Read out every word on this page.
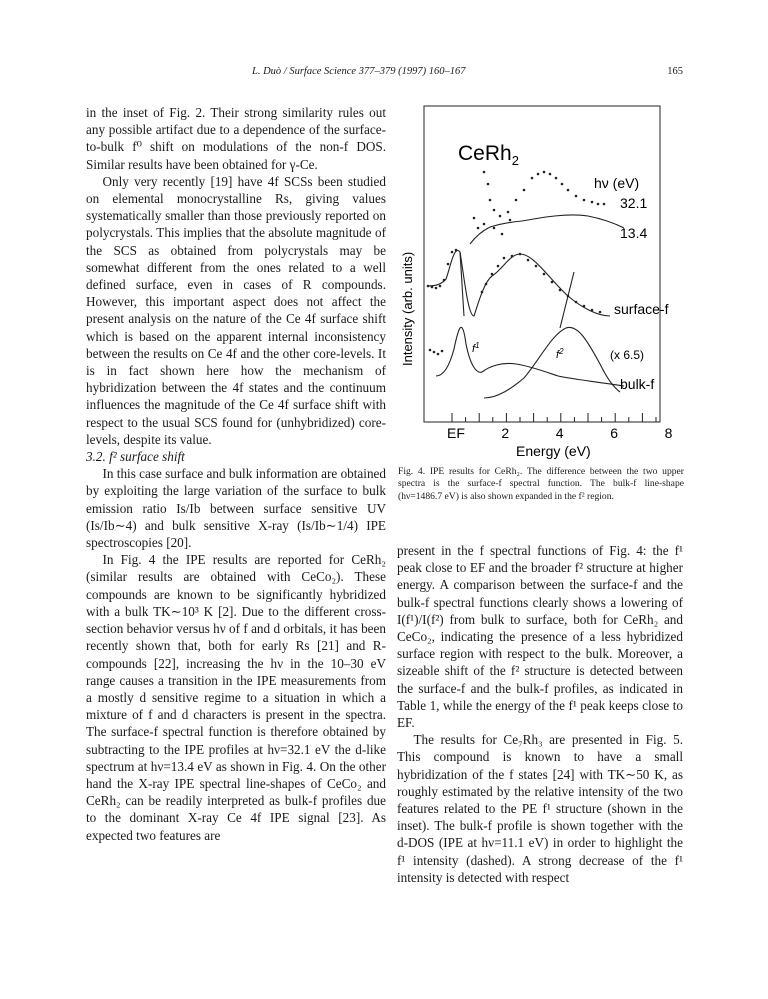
L. Duò / Surface Science 377–379 (1997) 160–167	165

in the inset of Fig. 2. Their strong similarity rules out any possible artifact due to a dependence of the surface-to-bulk f⁰ shift on modulations of the non-f DOS. Similar results have been obtained for γ-Ce.

Only very recently [19] have 4f SCSs been studied on elemental monocrystalline Rs, giving values systematically smaller than those previously reported on polycrystals. This implies that the absolute magnitude of the SCS as obtained from polycrystals may be somewhat different from the ones related to a well defined surface, even in cases of R compounds. However, this important aspect does not affect the present analysis on the nature of the Ce 4f surface shift which is based on the apparent internal inconsistency between the results on Ce 4f and the other core-levels. It is in fact shown here how the mechanism of hybridization between the 4f states and the continuum influences the magnitude of the Ce 4f surface shift with respect to the usual SCS found for (unhybridized) core-levels, despite its value.

3.2. f² surface shift

In this case surface and bulk information are obtained by exploiting the large variation of the surface to bulk emission ratio Is/Ib between surface sensitive UV (Is/Ib∼4) and bulk sensitive X-ray (Is/Ib∼1/4) IPE spectroscopies [20].

In Fig. 4 the IPE results are reported for CeRh₂ (similar results are obtained with CeCo₂). These compounds are known to be significantly hybridized with a bulk TK∼10³ K [2]. Due to the different cross-section behavior versus hν of f and d orbitals, it has been recently shown that, both for early Rs [21] and R-compounds [22], increasing the hν in the 10–30 eV range causes a transition in the IPE measurements from a mostly d sensitive regime to a situation in which a mixture of f and d characters is present in the spectra. The surface-f spectral function is therefore obtained by subtracting to the IPE profiles at hν=32.1 eV the d-like spectrum at hν=13.4 eV as shown in Fig. 4. On the other hand the X-ray IPE spectral line-shapes of CeCo₂ and CeRh₂ can be readily interpreted as bulk-f profiles due to the dominant X-ray Ce 4f IPE signal [23]. As expected two features are

CeRh$_2$
hν (eV)
32.1
13.4
surface-f
(x 6.5)
bulk-f
$f^1$
$f^2$
Intensity (arb. units)
Energy (eV)
EF	2	4	6	8
Fig. 4. IPE results for CeRh₂. The difference between the two upper spectra is the surface-f spectral function. The bulk-f line-shape (hν=1486.7 eV) is also shown expanded in the f² region.

present in the f spectral functions of Fig. 4: the f¹ peak close to EF and the broader f² structure at higher energy. A comparison between the surface-f and the bulk-f spectral functions clearly shows a lowering of I(f¹)/I(f²) from bulk to surface, both for CeRh₂ and CeCo₂, indicating the presence of a less hybridized surface region with respect to the bulk. Moreover, a sizeable shift of the f² structure is detected between the surface-f and the bulk-f profiles, as indicated in Table 1, while the energy of the f¹ peak keeps close to EF.

The results for Ce₇Rh₃ are presented in Fig. 5. This compound is known to have a small hybridization of the f states [24] with TK∼50 K, as roughly estimated by the relative intensity of the two features related to the PE f¹ structure (shown in the inset). The bulk-f profile is shown together with the d-DOS (IPE at hν=11.1 eV) in order to highlight the f¹ intensity (dashed). A strong decrease of the f¹ intensity is detected with respect
